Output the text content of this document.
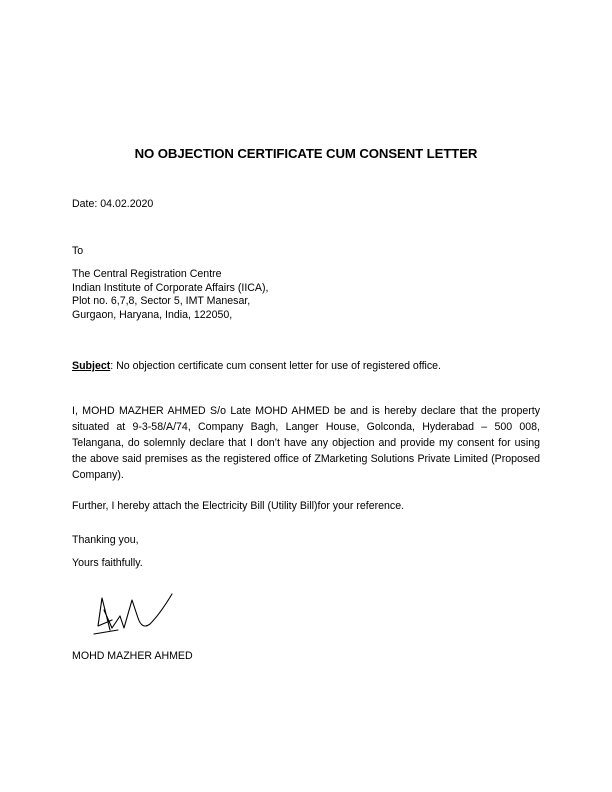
NO OBJECTION CERTIFICATE CUM CONSENT LETTER
Date: 04.02.2020
To
The Central Registration Centre
Indian Institute of Corporate Affairs (IICA),
Plot no. 6,7,8, Sector 5, IMT Manesar,
Gurgaon, Haryana, India, 122050,
Subject: No objection certificate cum consent letter for use of registered office.
I, MOHD MAZHER AHMED S/o Late MOHD AHMED be and is hereby declare that the property situated at 9-3-58/A/74, Company Bagh, Langer House, Golconda, Hyderabad – 500 008, Telangana, do solemnly declare that I don’t have any objection and provide my consent for using the above said premises as the registered office of ZMarketing Solutions Private Limited (Proposed Company).
Further, I hereby attach the Electricity Bill (Utility Bill)for your reference.
Thanking you,
Yours faithfully.
MOHD MAZHER AHMED
